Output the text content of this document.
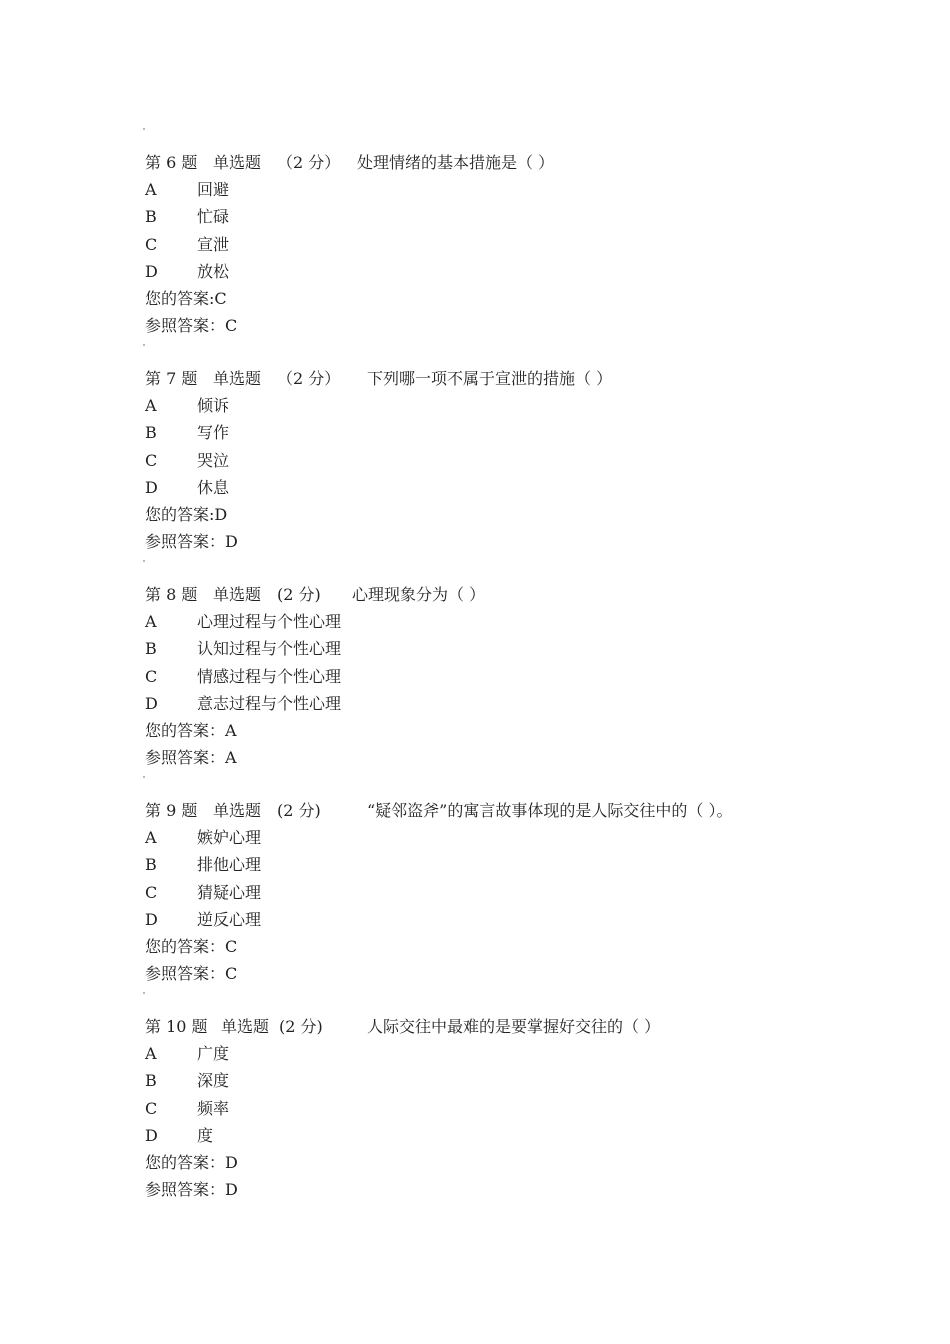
第 6 题 单选题 （2 分） 处理情绪的基本措施是（ ）
A	回避
B	忙碌
C 宣泄
D 放松
您的答案:C
参照答案：C
第 7 题 单选题 （2 分） 下列哪一项不属于宣泄的措施（ ）
A	倾诉
B	写作
C 哭泣
D 休息
您的答案:D
参照答案：D
第 8 题 单选题 (2 分) 心理现象分为（ ）
A	心理过程与个性心理
B	认知过程与个性心理
C 情感过程与个性心理
D 意志过程与个性心理
您的答案：A
参照答案：A
第 9 题 单选题 (2 分)	“疑邻盗斧”的寓言故事体现的是人际交往中的（ ）。
A	嫉妒心理
B	排他心理
C 猜疑心理
D 逆反心理
您的答案：C
参照答案：C
第 10 题 单选题 (2 分)	人际交往中最难的是要掌握好交往的（ ）
A	广度
B	深度
C 频率
D 度
您的答案：D
参照答案：D
